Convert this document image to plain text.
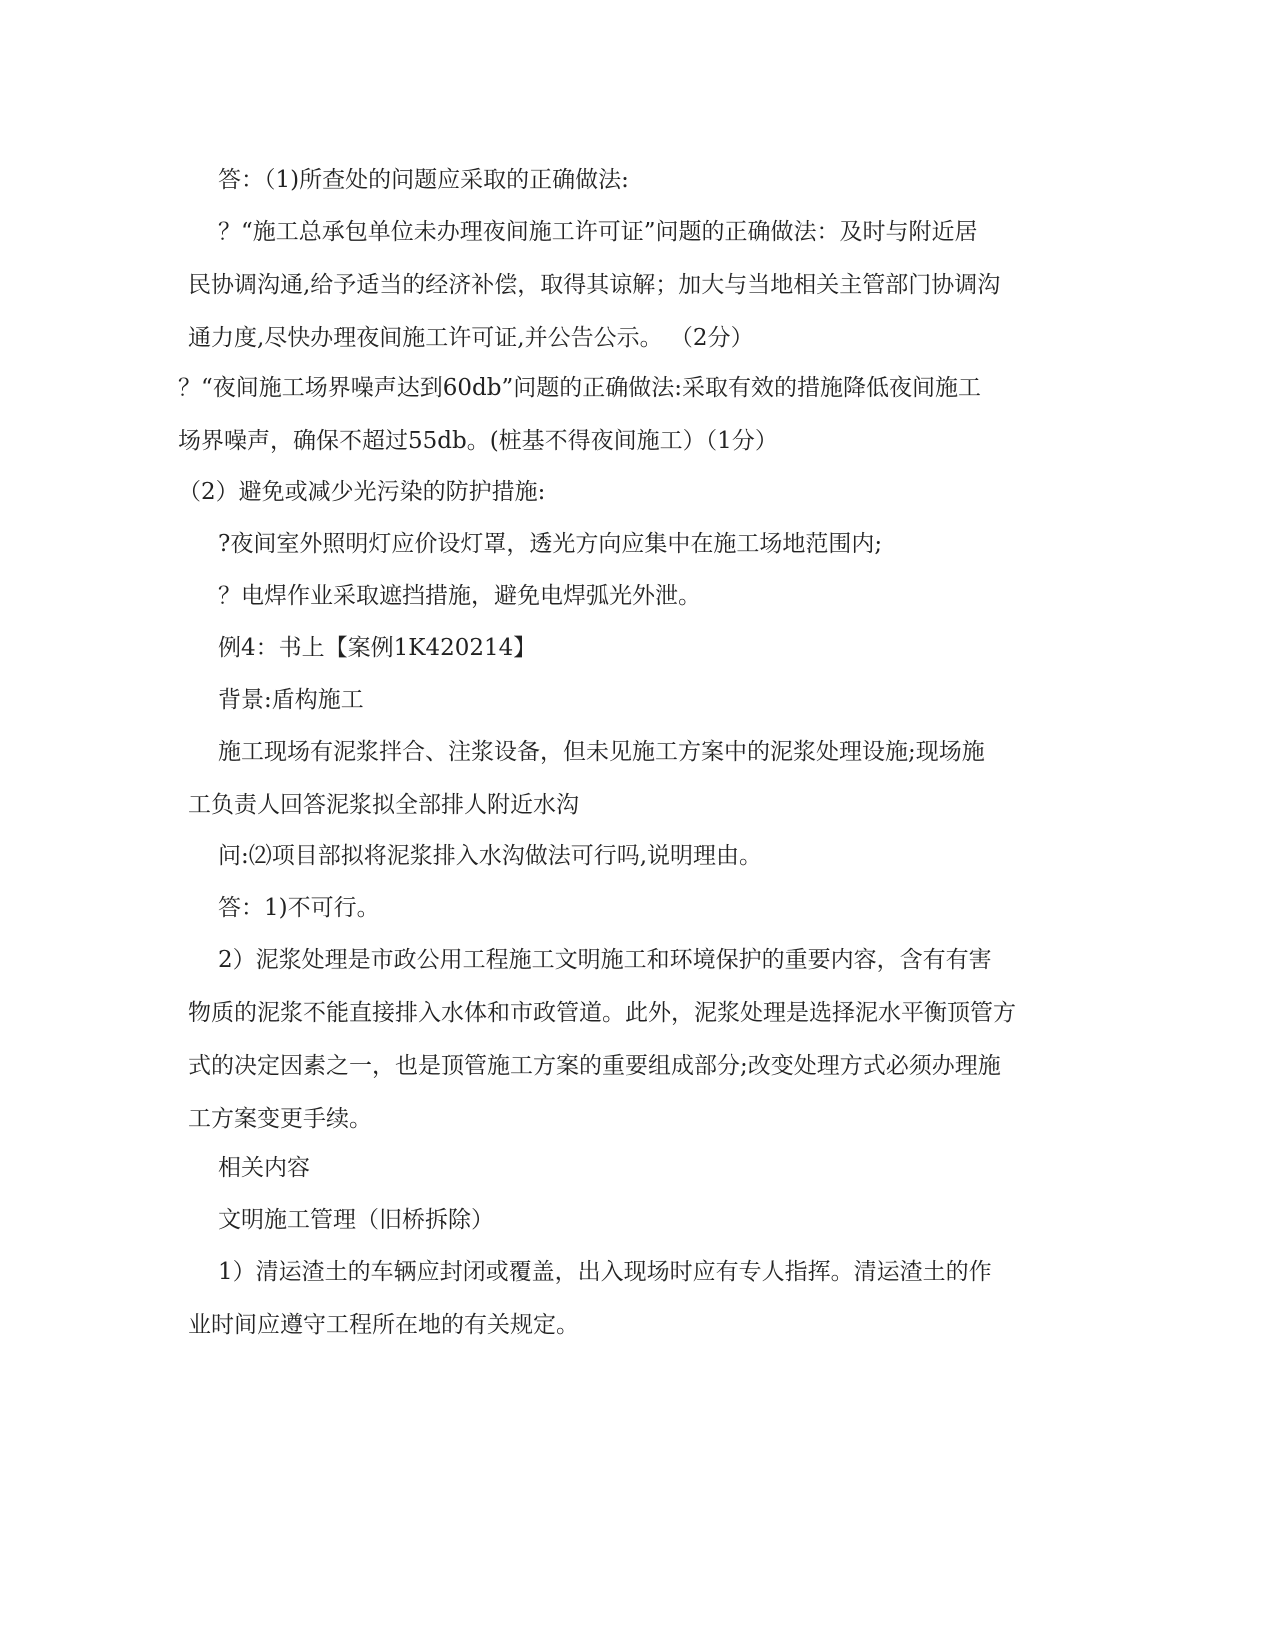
答：（1)所查处的问题应采取的正确做法:
？“施工总承包单位未办理夜间施工许可证”问题的正确做法：及时与附近居
民协调沟通,给予适当的经济补偿，取得其谅解；加大与当地相关主管部门协调沟
通力度,尽快办理夜间施工许可证,并公告公示。 （2分）
？“夜间施工场界噪声达到60db”问题的正确做法:采取有效的措施降低夜间施工
场界噪声，确保不超过55db。(桩基不得夜间施工）（1分）
（2）避免或减少光污染的防护措施:
?夜间室外照明灯应价设灯罩，透光方向应集中在施工场地范围内;
？电焊作业采取遮挡措施，避免电焊弧光外泄。
例4：书上【案例1K420214】
背景:盾构施工
施工现场有泥浆拌合、注浆设备，但未见施工方案中的泥浆处理设施;现场施
工负责人回答泥浆拟全部排人附近水沟
问:⑵项目部拟将泥浆排入水沟做法可行吗,说明理由。
答：1)不可行。
2）泥浆处理是市政公用工程施工文明施工和环境保护的重要内容，含有有害
物质的泥浆不能直接排入水体和市政管道。此外，泥浆处理是选择泥水平衡顶管方
式的决定因素之一，也是顶管施工方案的重要组成部分;改变处理方式必须办理施
工方案变更手续。
相关内容
文明施工管理（旧桥拆除）
1）清运渣土的车辆应封闭或覆盖，出入现场时应有专人指挥。清运渣土的作
业时间应遵守工程所在地的有关规定。
